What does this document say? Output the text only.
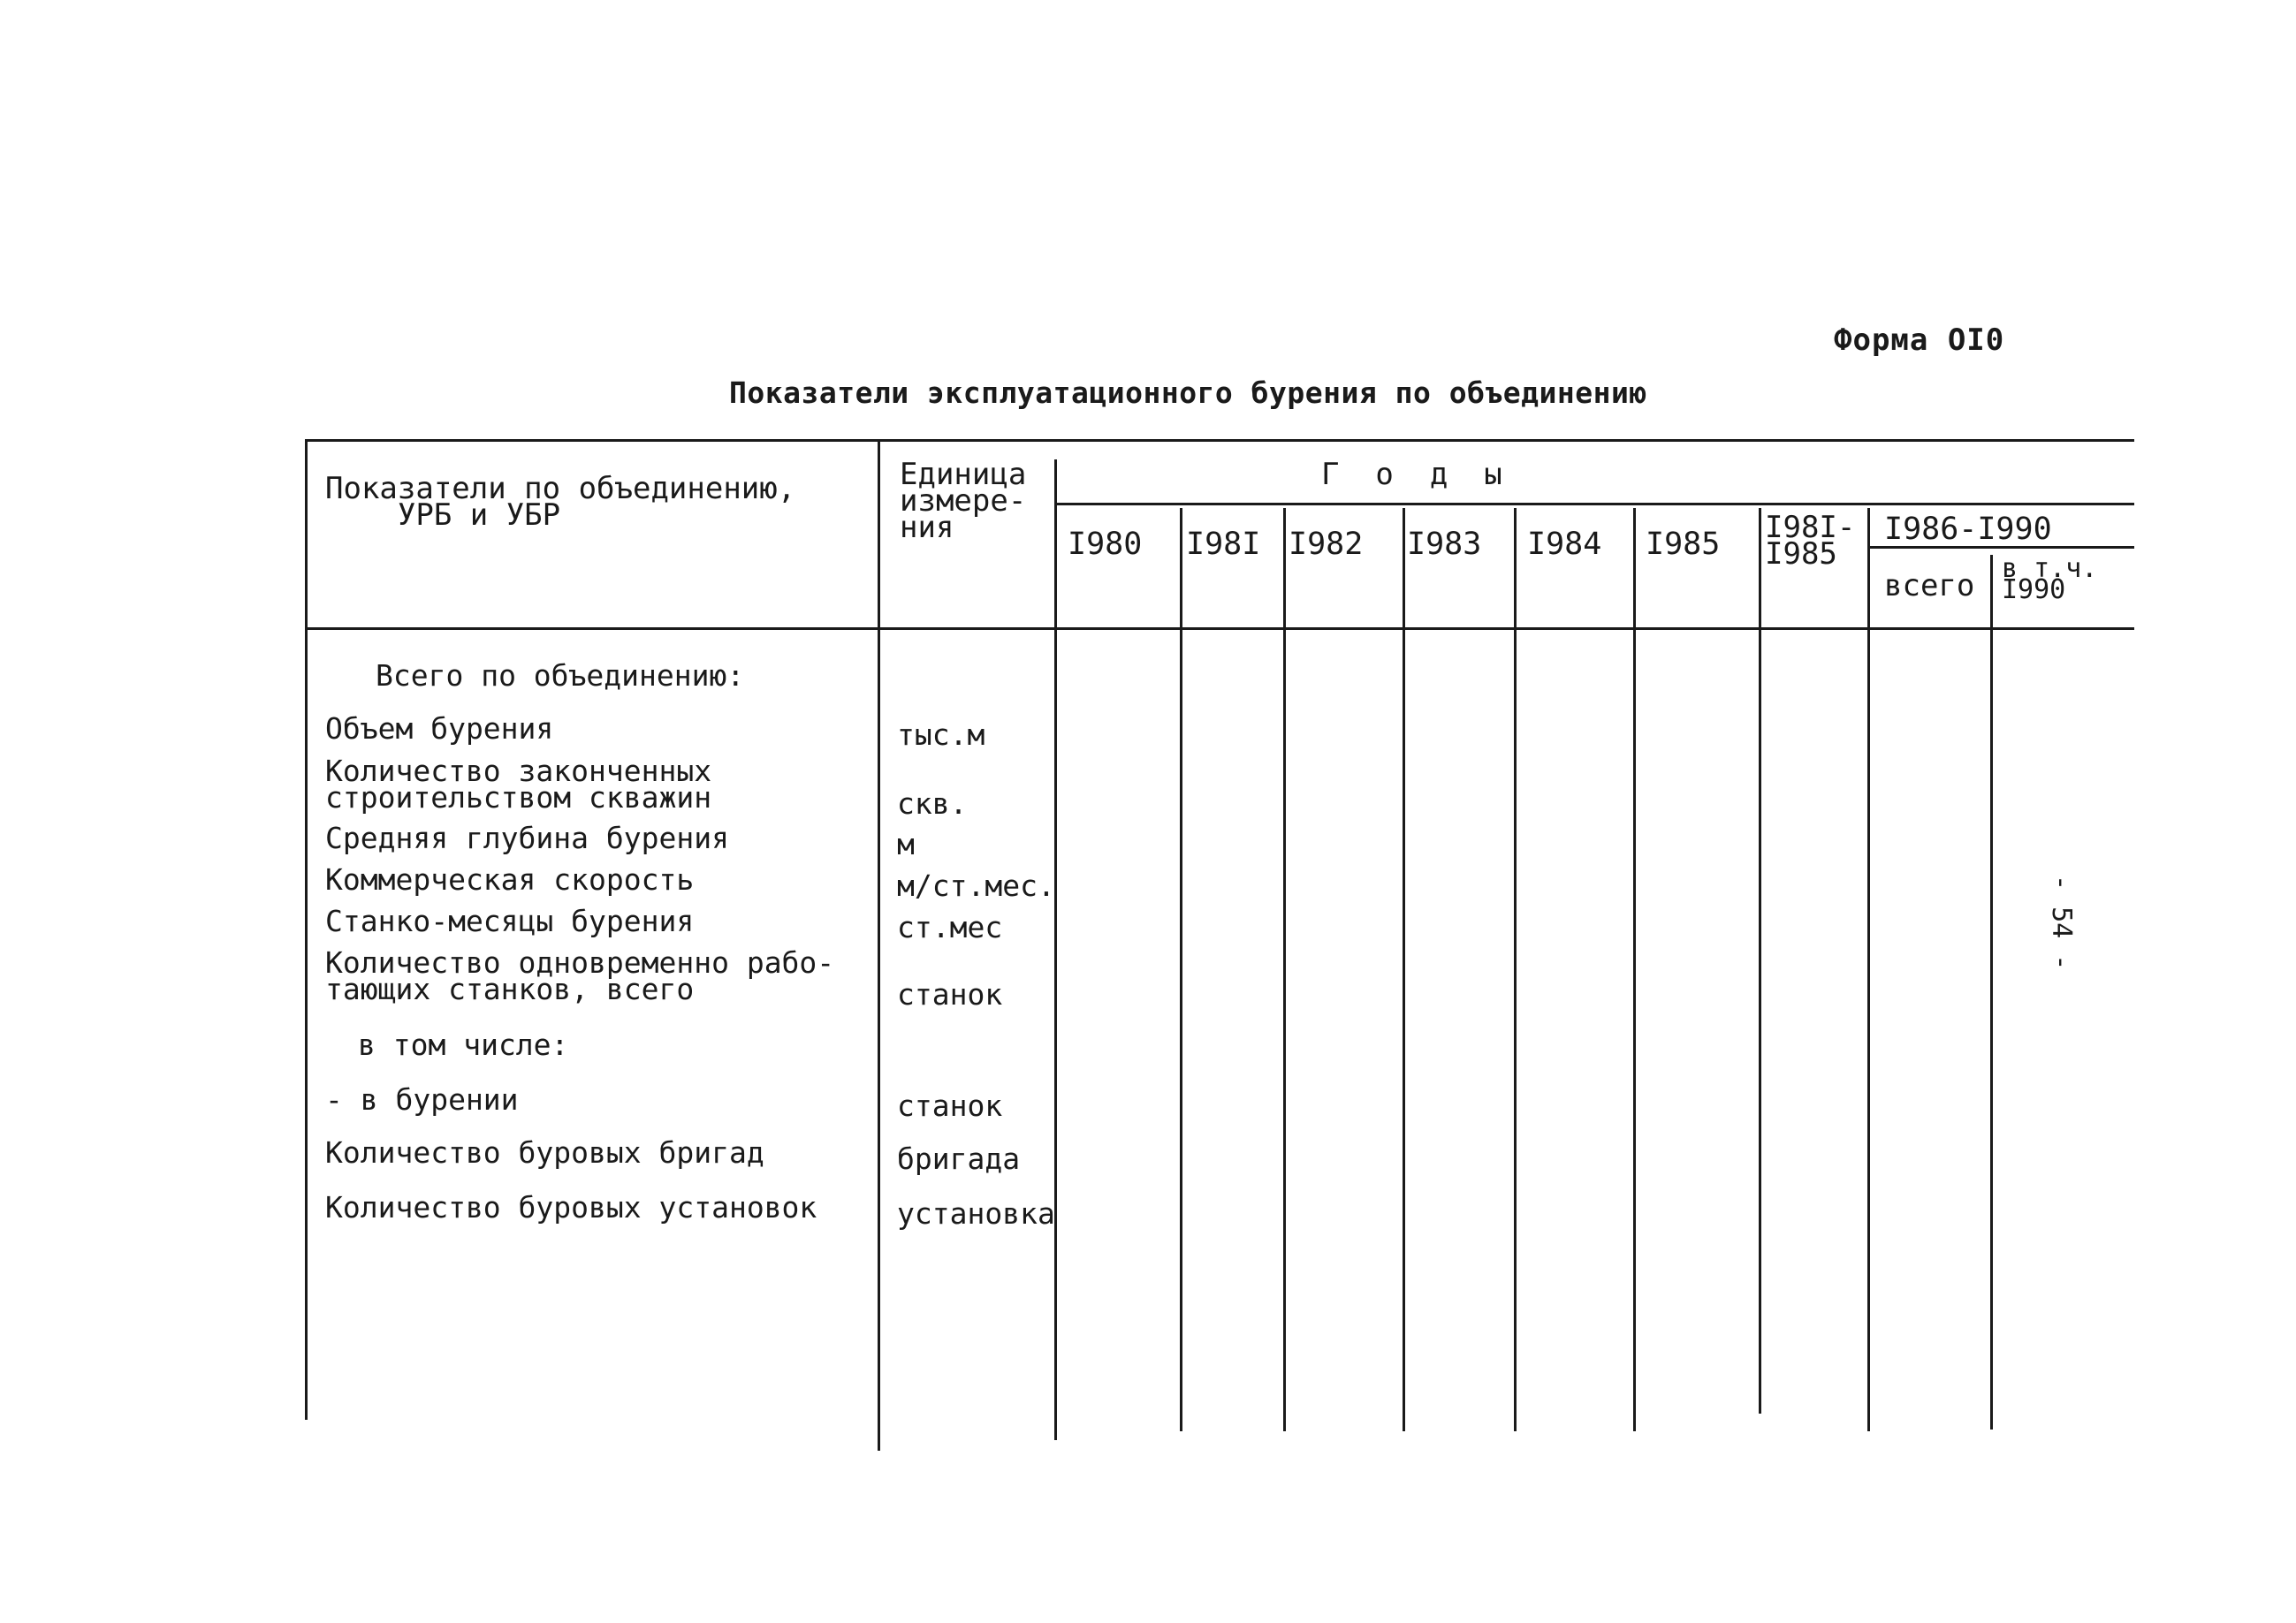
Форма ОI0
Показатели эксплуатационного бурения по объединению
Показатели по объединению,
УРБ и УБР
Единица
измере-
ния
Г  о  д  ы
I980 I98I I982 I983 I984 I985 I98I-
I985
I986-I990
всего в т.ч.
I990
Всего по объединению:
Объем бурения	тыс.м
Количество законченных
строительством скважин	скв.
Средняя глубина бурения	м
Коммерческая скорость	м/ст.мес.
Станко-месяцы бурения	ст.мес
Количество одновременно рабо-
тающих станков, всего	станок
в том числе:
- в бурении	станок
Количество буровых бригад	бригада
Количество буровых установок	установка
- 54 -
